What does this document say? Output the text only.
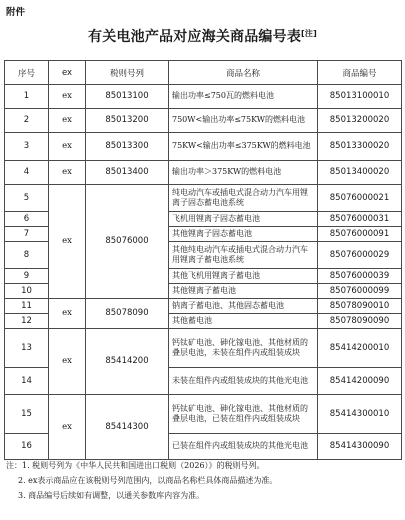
附件
有关电池产品对应海关商品编号表[注]
序号	ex	税则号列	商品名称	商品编号
1	ex	85013100	输出功率≤750瓦的燃料电池	85013100010
2	ex	85013200	750W<输出功率≤75KW的燃料电池	85013200020
3	ex	85013300	75KW<输出功率≤375KW的燃料电池	85013300020
4	ex	85013400	输出功率＞375KW的燃料电池	85013400020
5	ex	85076000	纯电动汽车或插电式混合动力汽车用锂离子固态蓄电池系统	85076000021
6			飞机用锂离子固态蓄电池	85076000031
7			其他锂离子固态蓄电池	85076000091
8			其他纯电动汽车或插电式混合动力汽车用锂离子蓄电池系统	85076000029
9			其他飞机用锂离子蓄电池	85076000039
10			其他锂离子蓄电池	85076000099
11	ex	85078090	钠离子蓄电池、其他固态蓄电池	85078090010
12			其他蓄电池	85078090090
13	ex	85414200	钙钛矿电池、砷化镓电池、其他材质的叠层电池，未装在组件内或组装成块	85414200010
14			未装在组件内或组装成块的其他光电池	85414200090
15	ex	85414300	钙钛矿电池、砷化镓电池、其他材质的叠层电池，已装在组件内或组装成块	85414300010
16			已装在组件内或组装成块的其他光电池	85414300090
注：1. 税则号列为《中华人民共和国进出口税则（2026）》的税则号列。
2. ex表示商品应在该税则号列范围内，以商品名称栏具体商品描述为准。
3. 商品编号后续如有调整，以通关参数库内容为准。
